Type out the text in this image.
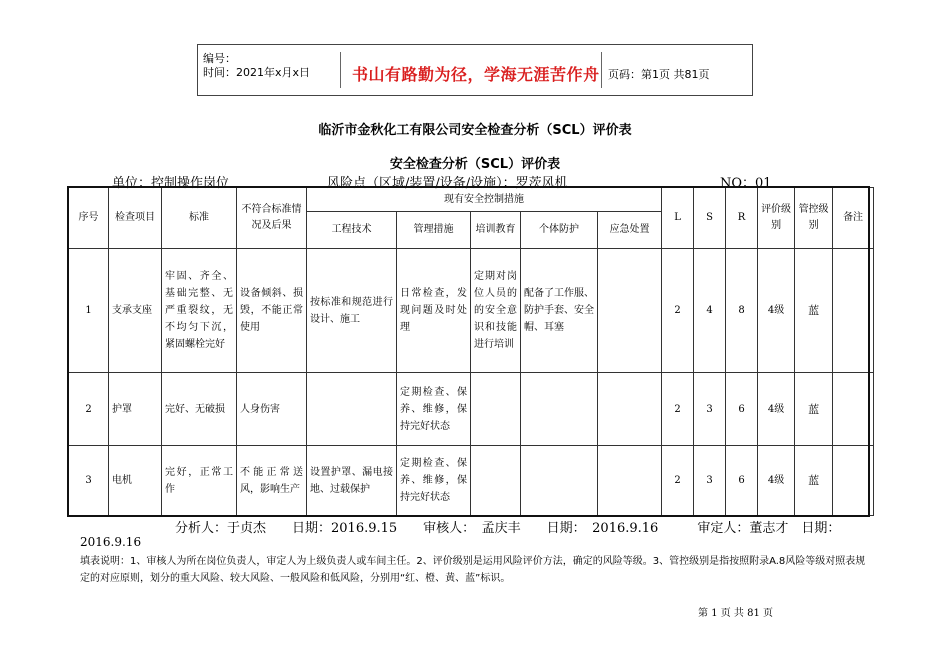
编号：
时间：2021年x月x日	书山有路勤为径，学海无涯苦作舟 页码：第1页 共81页
临沂市金秋化工有限公司安全检查分析（SCL）评价表
安全检查分析（SCL）评价表
单位：控制操作岗位	风险点（区域/装置/设备/设施）：罗茨风机	NO：01
序号	检查项目	标准	不符合标准情况及后果	现有安全控制措施					L	S	R	评价级别	管控级别	备注
				工程技术	管理措施	培训教育	个体防护	应急处置						
1	支承支座	牢固、齐全、基础完整、无严重裂纹，无不均匀下沉，紧固螺栓完好	设备倾斜、损毁，不能正常使用	按标准和规范进行设计、施工	日常检查，发现问题及时处理	定期对岗位人员的的安全意识和技能进行培训	配备了工作服、防护手套、安全帽、耳塞		2	4	8	4级	蓝	
2	护罩	完好、无破损	人身伤害		定期检查、保养、维修，保持完好状态				2	3	6	4级	蓝	
3	电机	完好，正常工作	不能正常送风，影响生产	设置护罩、漏电接地、过载保护	定期检查、保养、维修，保持完好状态				2	3	6	4级	蓝	
分析人：于贞杰　　日期：2016.9.15　　审核人：　孟庆丰　　日期：　2016.9.16　　　审定人：董志才　日期：
2016.9.16
填表说明：1、审核人为所在岗位负责人，审定人为上级负责人或车间主任。2、评价级别是运用风险评价方法，确定的风险等级。3、管控级别是指按照附录A.8风险等级对照表规定的对应原则，划分的重大风险、较大风险、一般风险和低风险，分别用“红、橙、黄、蓝”标识。
第 1 页 共 81 页
